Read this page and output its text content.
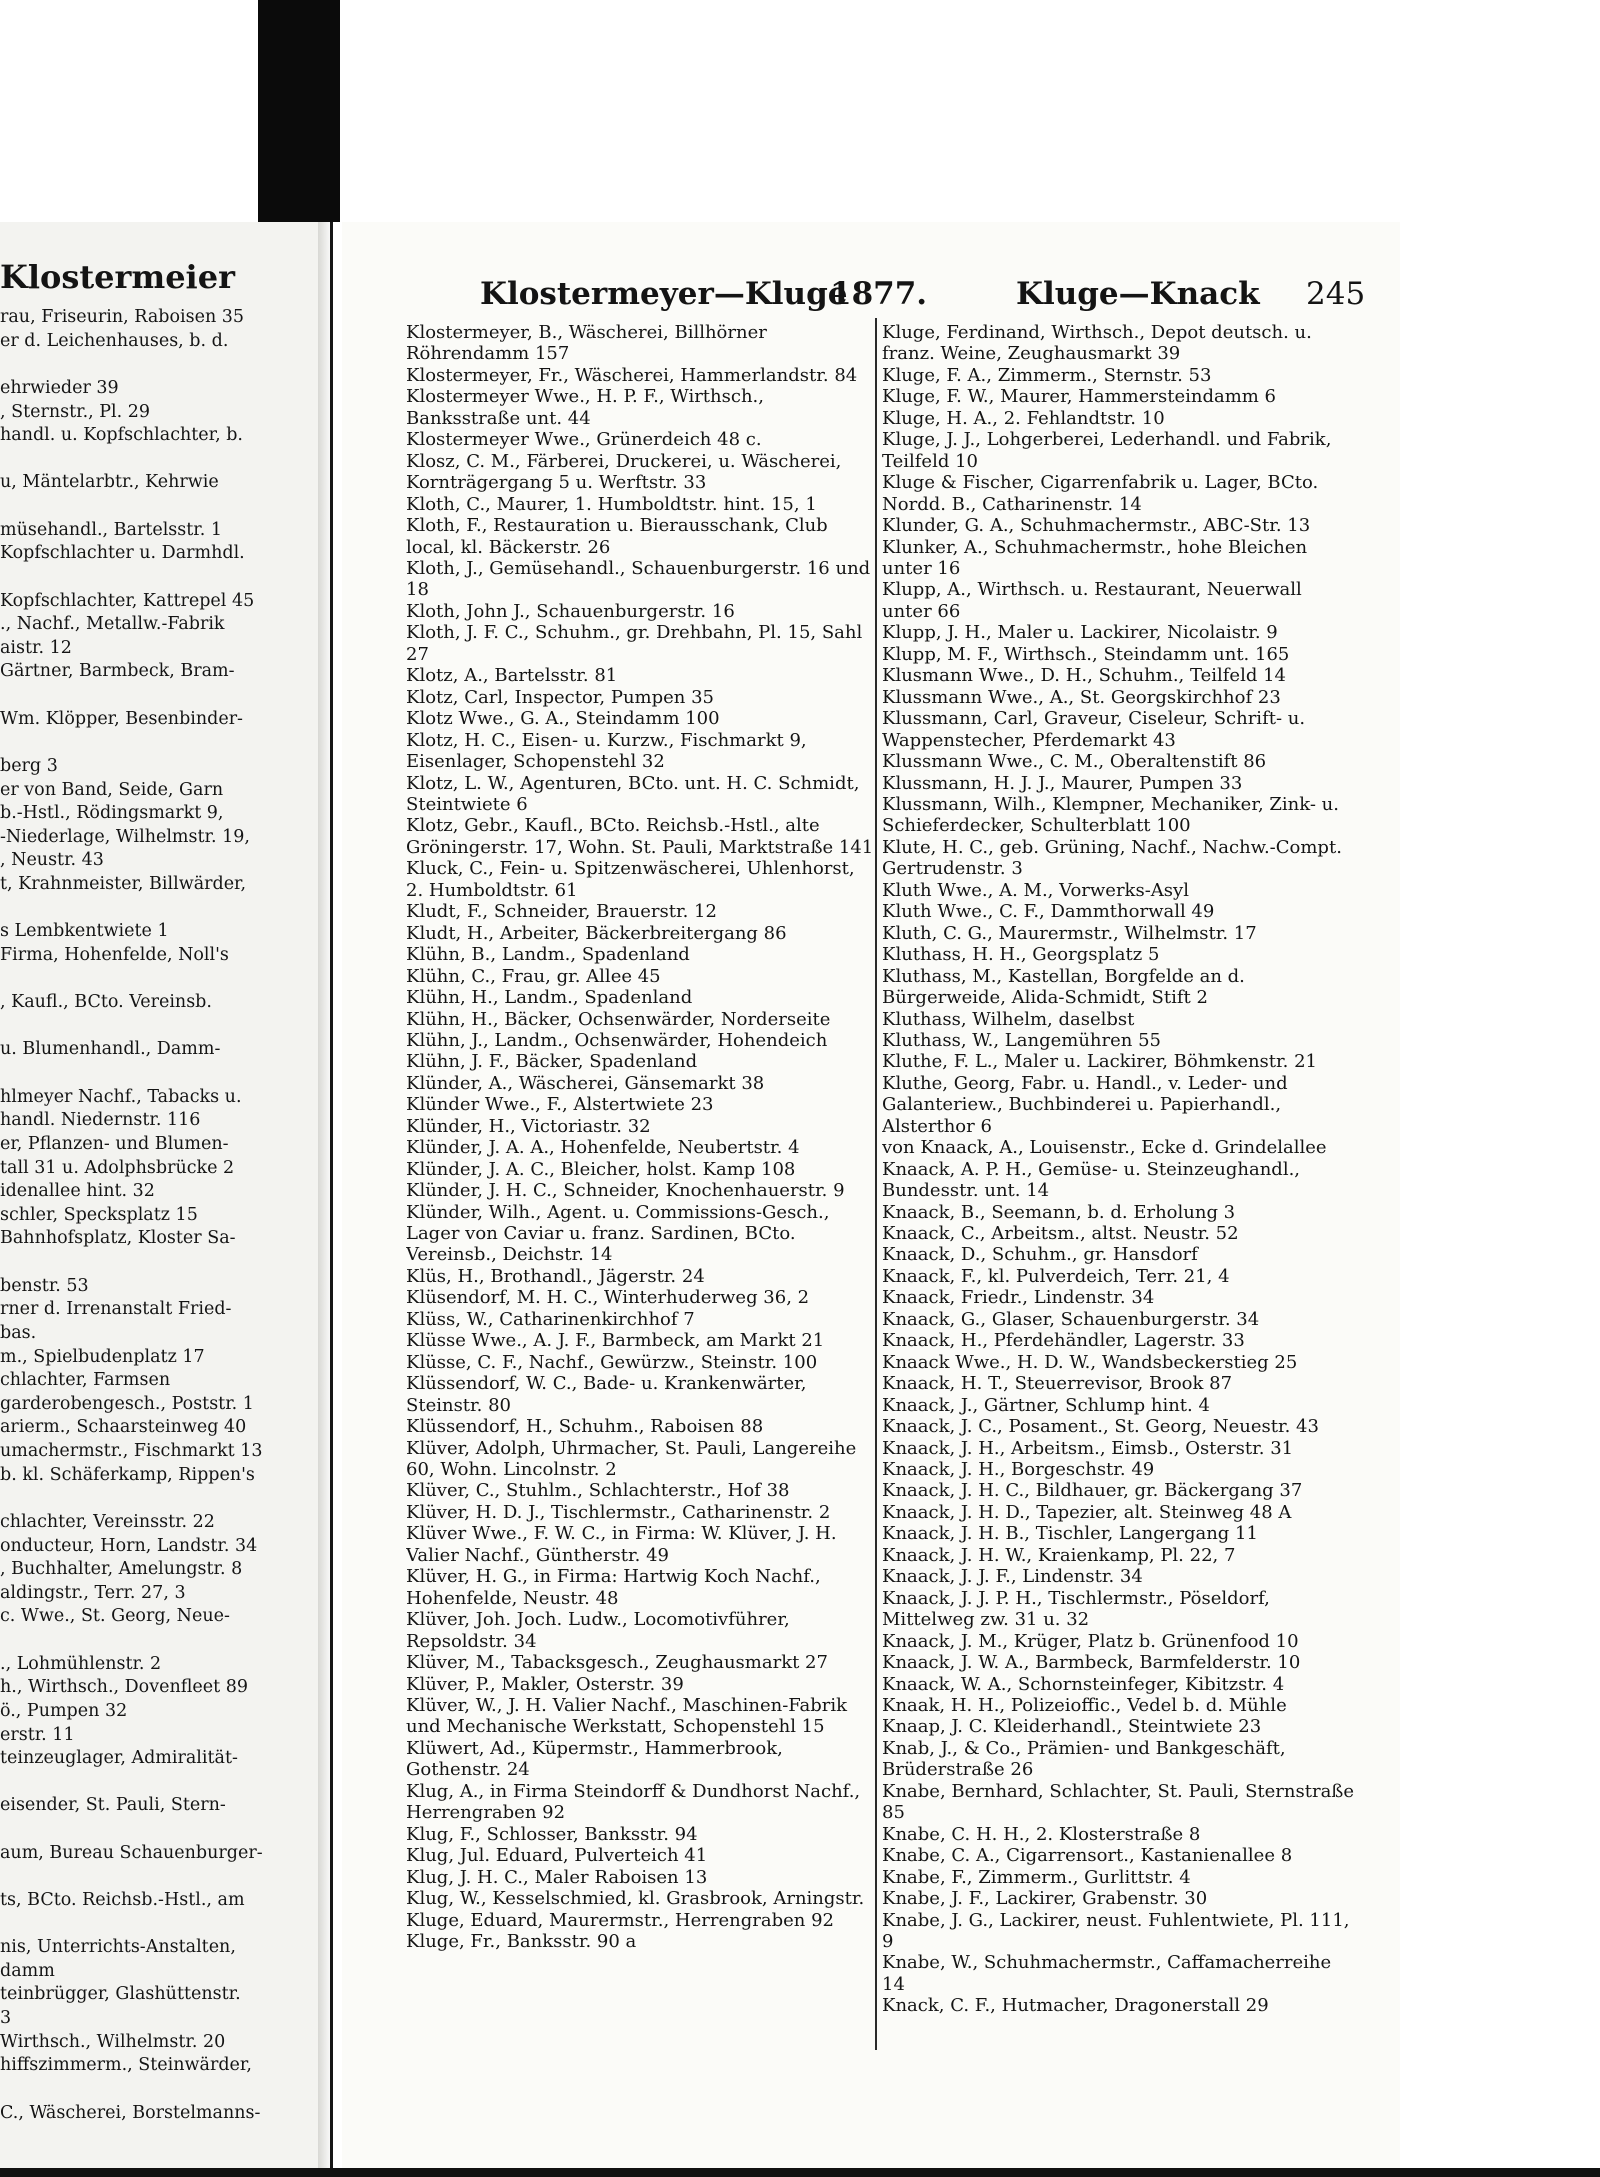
Klostermeier
rau, Friseurin, Raboisen 35
er d. Leichenhauses, b. d.

ehrwieder 39
, Sternstr., Pl. 29
handl. u. Kopfschlachter, b.

u, Mäntelarbtr., Kehrwie

müsehandl., Bartelsstr. 1
Kopfschlachter u. Darmhdl.

Kopfschlachter, Kattrepel 45
., Nachf., Metallw.-Fabrik
aistr. 12
Gärtner, Barmbeck, Bram-

Wm. Klöpper, Besenbinder-

berg 3
er von Band, Seide, Garn
b.-Hstl., Rödingsmarkt 9,
-Niederlage, Wilhelmstr. 19,
, Neustr. 43
t, Krahnmeister, Billwärder,

s Lembkentwiete 1
Firma, Hohenfelde, Noll's

, Kaufl., BCto. Vereinsb.

u. Blumenhandl., Damm-

hlmeyer Nachf., Tabacks u.
handl. Niedernstr. 116
er, Pflanzen- und Blumen-
tall 31 u. Adolphsbrücke 2
idenallee hint. 32
schler, Specksplatz 15
Bahnhofsplatz, Kloster Sa-

benstr. 53
rner d. Irrenanstalt Fried-
bas.
m., Spielbudenplatz 17
chlachter, Farmsen
garderobengesch., Poststr. 1
arierm., Schaarsteinweg 40
umachermstr., Fischmarkt 13
b. kl. Schäferkamp, Rippen's

chlachter, Vereinsstr. 22
onducteur, Horn, Landstr. 34
, Buchhalter, Amelungstr. 8
aldingstr., Terr. 27, 3
c. Wwe., St. Georg, Neue-

., Lohmühlenstr. 2
h., Wirthsch., Dovenfleet 89
ö., Pumpen 32
erstr. 11
teinzeuglager, Admiralität-

eisender, St. Pauli, Stern-

aum, Bureau Schauenburger-

ts, BCto. Reichsb.-Hstl., am

nis, Unterrichts-Anstalten,
damm
teinbrügger, Glashüttenstr.
3
Wirthsch., Wilhelmstr. 20
hiffszimmerm., Steinwärder,

C., Wäscherei, Borstelmanns-
Klostermeyer—Kluge
1877.	Kluge—Knack 245
Klostermeyer, B., Wäscherei, Billhörner Röhrendamm 157
Klostermeyer, Fr., Wäscherei, Hammerlandstr. 84
Klostermeyer Wwe., H. P. F., Wirthsch., Banksstraße unt. 44
Klostermeyer Wwe., Grünerdeich 48 c.
Klosz, C. M., Färberei, Druckerei, u. Wäscherei, Kornträgergang 5 u. Werftstr. 33
Kloth, C., Maurer, 1. Humboldtstr. hint. 15, 1
Kloth, F., Restauration u. Bierausschank, Club local, kl. Bäckerstr. 26
Kloth, J., Gemüsehandl., Schauenburgerstr. 16 und 18
Kloth, John J., Schauenburgerstr. 16
Kloth, J. F. C., Schuhm., gr. Drehbahn, Pl. 15, Sahl 27
Klotz, A., Bartelsstr. 81
Klotz, Carl, Inspector, Pumpen 35
Klotz Wwe., G. A., Steindamm 100
Klotz, H. C., Eisen- u. Kurzw., Fischmarkt 9, Eisenlager, Schopenstehl 32
Klotz, L. W., Agenturen, BCto. unt. H. C. Schmidt, Steintwiete 6
Klotz, Gebr., Kaufl., BCto. Reichsb.-Hstl., alte Gröningerstr. 17, Wohn. St. Pauli, Marktstraße 141
Kluck, C., Fein- u. Spitzenwäscherei, Uhlenhorst, 2. Humboldtstr. 61
Kludt, F., Schneider, Brauerstr. 12
Kludt, H., Arbeiter, Bäckerbreitergang 86
Klühn, B., Landm., Spadenland
Klühn, C., Frau, gr. Allee 45
Klühn, H., Landm., Spadenland
Klühn, H., Bäcker, Ochsenwärder, Norderseite
Klühn, J., Landm., Ochsenwärder, Hohendeich
Klühn, J. F., Bäcker, Spadenland
Klünder, A., Wäscherei, Gänsemarkt 38
Klünder Wwe., F., Alstertwiete 23
Klünder, H., Victoriastr. 32
Klünder, J. A. A., Hohenfelde, Neubertstr. 4
Klünder, J. A. C., Bleicher, holst. Kamp 108
Klünder, J. H. C., Schneider, Knochenhauerstr. 9
Klünder, Wilh., Agent. u. Commissions-Gesch., Lager von Caviar u. franz. Sardinen, BCto. Vereinsb., Deichstr. 14
Klüs, H., Brothandl., Jägerstr. 24
Klüsendorf, M. H. C., Winterhuderweg 36, 2
Klüss, W., Catharinenkirchhof 7
Klüsse Wwe., A. J. F., Barmbeck, am Markt 21
Klüsse, C. F., Nachf., Gewürzw., Steinstr. 100
Klüssendorf, W. C., Bade- u. Krankenwärter, Steinstr. 80
Klüssendorf, H., Schuhm., Raboisen 88
Klüver, Adolph, Uhrmacher, St. Pauli, Langereihe 60, Wohn. Lincolnstr. 2
Klüver, C., Stuhlm., Schlachterstr., Hof 38
Klüver, H. D. J., Tischlermstr., Catharinenstr. 2
Klüver Wwe., F. W. C., in Firma: W. Klüver, J. H. Valier Nachf., Güntherstr. 49
Klüver, H. G., in Firma: Hartwig Koch Nachf., Hohenfelde, Neustr. 48
Klüver, Joh. Joch. Ludw., Locomotivführer, Repsoldstr. 34
Klüver, M., Tabacksgesch., Zeughausmarkt 27
Klüver, P., Makler, Osterstr. 39
Klüver, W., J. H. Valier Nachf., Maschinen-Fabrik und Mechanische Werkstatt, Schopenstehl 15
Klüwert, Ad., Küpermstr., Hammerbrook, Gothenstr. 24
Klug, A., in Firma Steindorff & Dundhorst Nachf., Herrengraben 92
Klug, F., Schlosser, Banksstr. 94
Klug, Jul. Eduard, Pulverteich 41
Klug, J. H. C., Maler Raboisen 13
Klug, W., Kesselschmied, kl. Grasbrook, Arningstr.
Kluge, Eduard, Maurermstr., Herrengraben 92
Kluge, Fr., Banksstr. 90 a
Kluge, Ferdinand, Wirthsch., Depot deutsch. u. franz. Weine, Zeughausmarkt 39
Kluge, F. A., Zimmerm., Sternstr. 53
Kluge, F. W., Maurer, Hammersteindamm 6
Kluge, H. A., 2. Fehlandtstr. 10
Kluge, J. J., Lohgerberei, Lederhandl. und Fabrik, Teilfeld 10
Kluge & Fischer, Cigarrenfabrik u. Lager, BCto. Nordd. B., Catharinenstr. 14
Klunder, G. A., Schuhmachermstr., ABC-Str. 13
Klunker, A., Schuhmachermstr., hohe Bleichen unter 16
Klupp, A., Wirthsch. u. Restaurant, Neuerwall unter 66
Klupp, J. H., Maler u. Lackirer, Nicolaistr. 9
Klupp, M. F., Wirthsch., Steindamm unt. 165
Klusmann Wwe., D. H., Schuhm., Teilfeld 14
Klussmann Wwe., A., St. Georgskirchhof 23
Klussmann, Carl, Graveur, Ciseleur, Schrift- u. Wappenstecher, Pferdemarkt 43
Klussmann Wwe., C. M., Oberaltenstift 86
Klussmann, H. J. J., Maurer, Pumpen 33
Klussmann, Wilh., Klempner, Mechaniker, Zink- u. Schieferdecker, Schulterblatt 100
Klute, H. C., geb. Grüning, Nachf., Nachw.-Compt. Gertrudenstr. 3
Kluth Wwe., A. M., Vorwerks-Asyl
Kluth Wwe., C. F., Dammthorwall 49
Kluth, C. G., Maurermstr., Wilhelmstr. 17
Kluthass, H. H., Georgsplatz 5
Kluthass, M., Kastellan, Borgfelde an d. Bürgerweide, Alida-Schmidt, Stift 2
Kluthass, Wilhelm, daselbst
Kluthass, W., Langemühren 55
Kluthe, F. L., Maler u. Lackirer, Böhmkenstr. 21
Kluthe, Georg, Fabr. u. Handl., v. Leder- und Galanteriew., Buchbinderei u. Papierhandl., Alsterthor 6
von Knaack, A., Louisenstr., Ecke d. Grindelallee
Knaack, A. P. H., Gemüse- u. Steinzeughandl., Bundesstr. unt. 14
Knaack, B., Seemann, b. d. Erholung 3
Knaack, C., Arbeitsm., altst. Neustr. 52
Knaack, D., Schuhm., gr. Hansdorf
Knaack, F., kl. Pulverdeich, Terr. 21, 4
Knaack, Friedr., Lindenstr. 34
Knaack, G., Glaser, Schauenburgerstr. 34
Knaack, H., Pferdehändler, Lagerstr. 33
Knaack Wwe., H. D. W., Wandsbeckerstieg 25
Knaack, H. T., Steuerrevisor, Brook 87
Knaack, J., Gärtner, Schlump hint. 4
Knaack, J. C., Posament., St. Georg, Neuestr. 43
Knaack, J. H., Arbeitsm., Eimsb., Osterstr. 31
Knaack, J. H., Borgeschstr. 49
Knaack, J. H. C., Bildhauer, gr. Bäckergang 37
Knaack, J. H. D., Tapezier, alt. Steinweg 48 A
Knaack, J. H. B., Tischler, Langergang 11
Knaack, J. H. W., Kraienkamp, Pl. 22, 7
Knaack, J. J. F., Lindenstr. 34
Knaack, J. J. P. H., Tischlermstr., Pöseldorf, Mittelweg zw. 31 u. 32
Knaack, J. M., Krüger, Platz b. Grünenfood 10
Knaack, J. W. A., Barmbeck, Barmfelderstr. 10
Knaack, W. A., Schornsteinfeger, Kibitzstr. 4
Knaak, H. H., Polizeioffic., Vedel b. d. Mühle
Knaap, J. C. Kleiderhandl., Steintwiete 23
Knab, J., & Co., Prämien- und Bankgeschäft, Brüderstraße 26
Knabe, Bernhard, Schlachter, St. Pauli, Sternstraße 85
Knabe, C. H. H., 2. Klosterstraße 8
Knabe, C. A., Cigarrensort., Kastanienallee 8
Knabe, F., Zimmerm., Gurlittstr. 4
Knabe, J. F., Lackirer, Grabenstr. 30
Knabe, J. G., Lackirer, neust. Fuhlentwiete, Pl. 111, 9
Knabe, W., Schuhmachermstr., Caffamacherreihe 14
Knack, C. F., Hutmacher, Dragonerstall 29
